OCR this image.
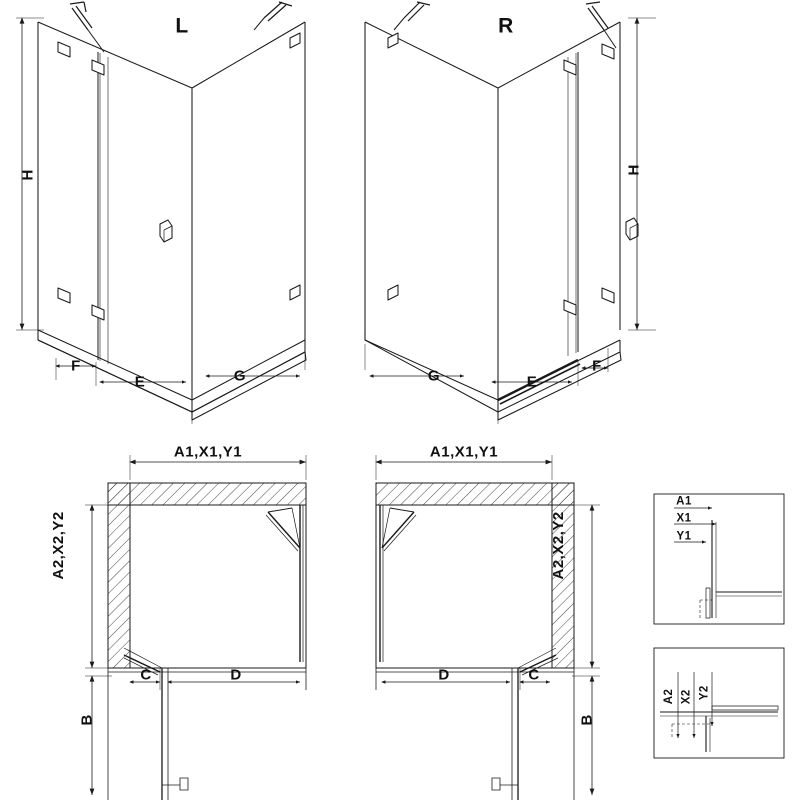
L	R
H	H
F
E	G	G	E
F
A1,X1,Y1	A1,X1,Y1
A2,X2,Y2	A2,X2,Y2
C	D	D	C
B	B
A1
X1
Y1
A2 X2 Y2
